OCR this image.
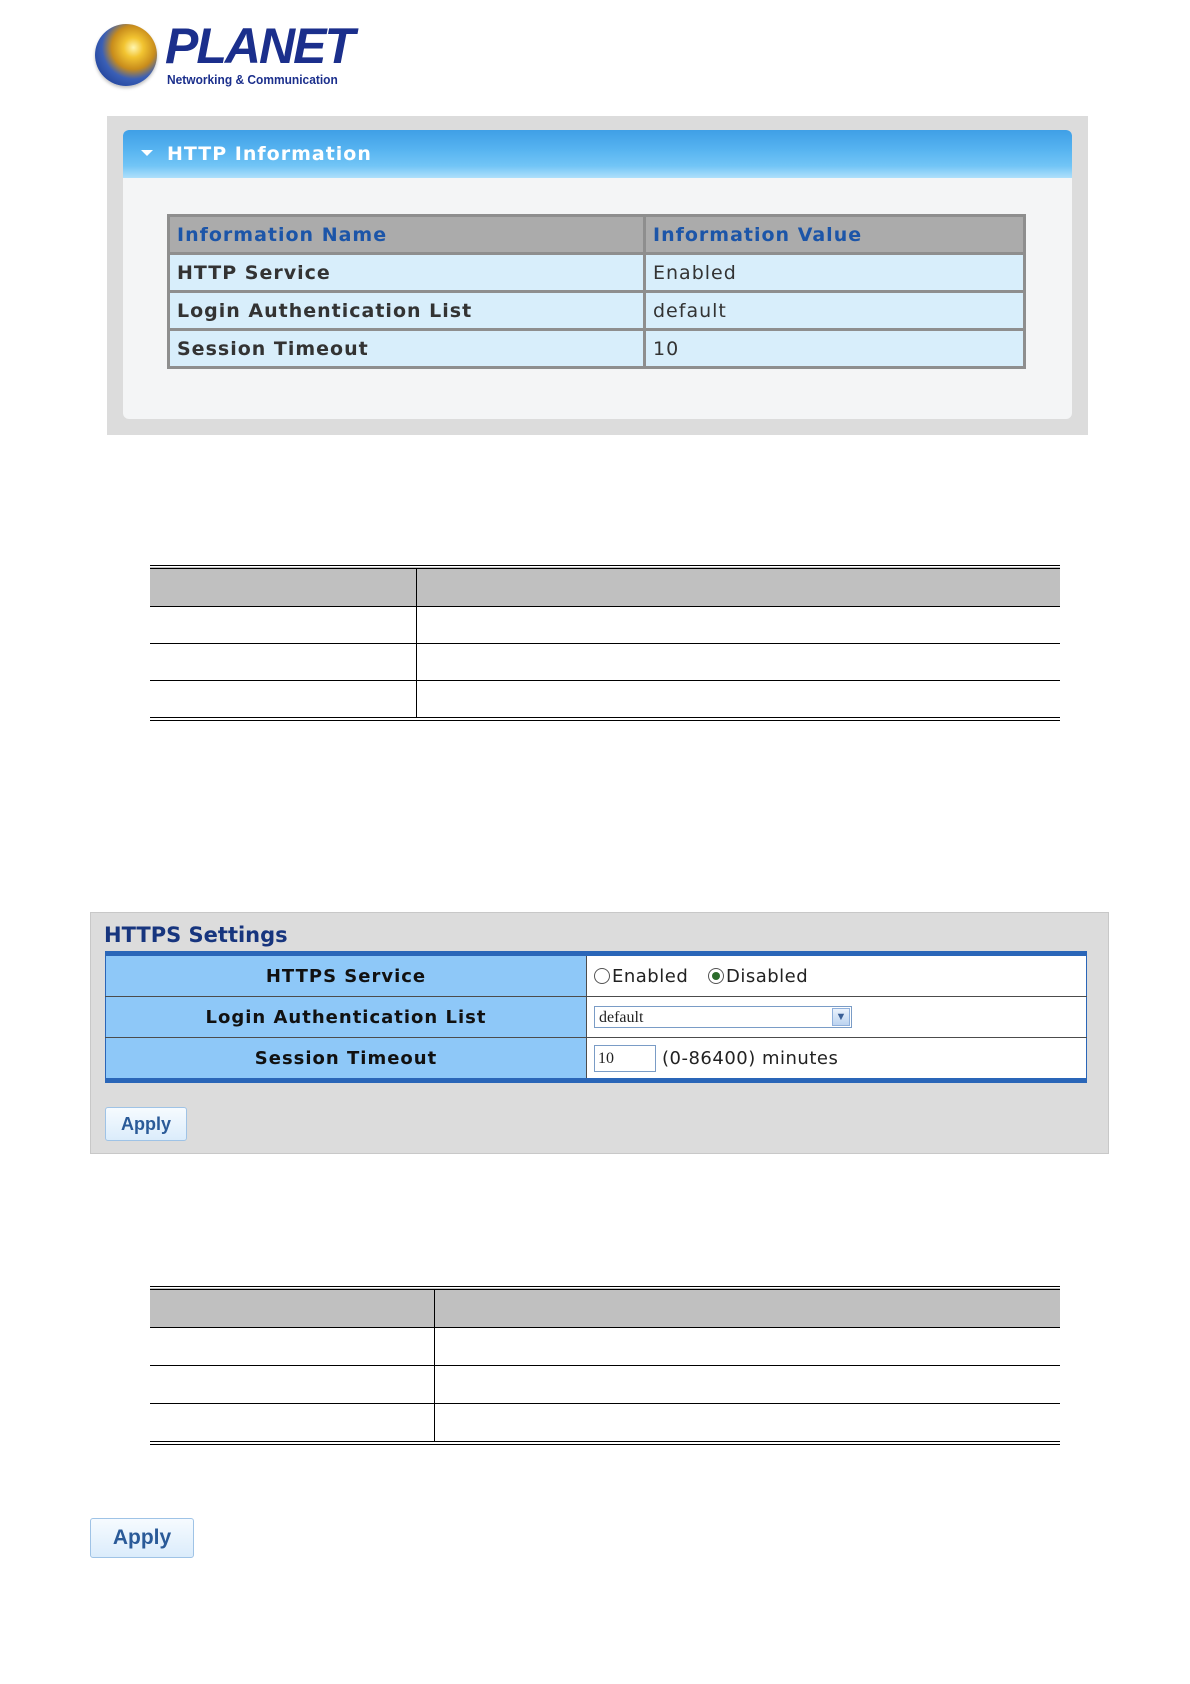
PLANET
Networking & Communication
HTTP Information
Information Name	Information Value
HTTP Service	Enabled
Login Authentication List	default
Session Timeout	10

HTTPS Settings
HTTPS Service	Enabled Disabled
Login Authentication List	default ▼

Session Timeout	10 (0-86400) minutes
Apply

Apply
